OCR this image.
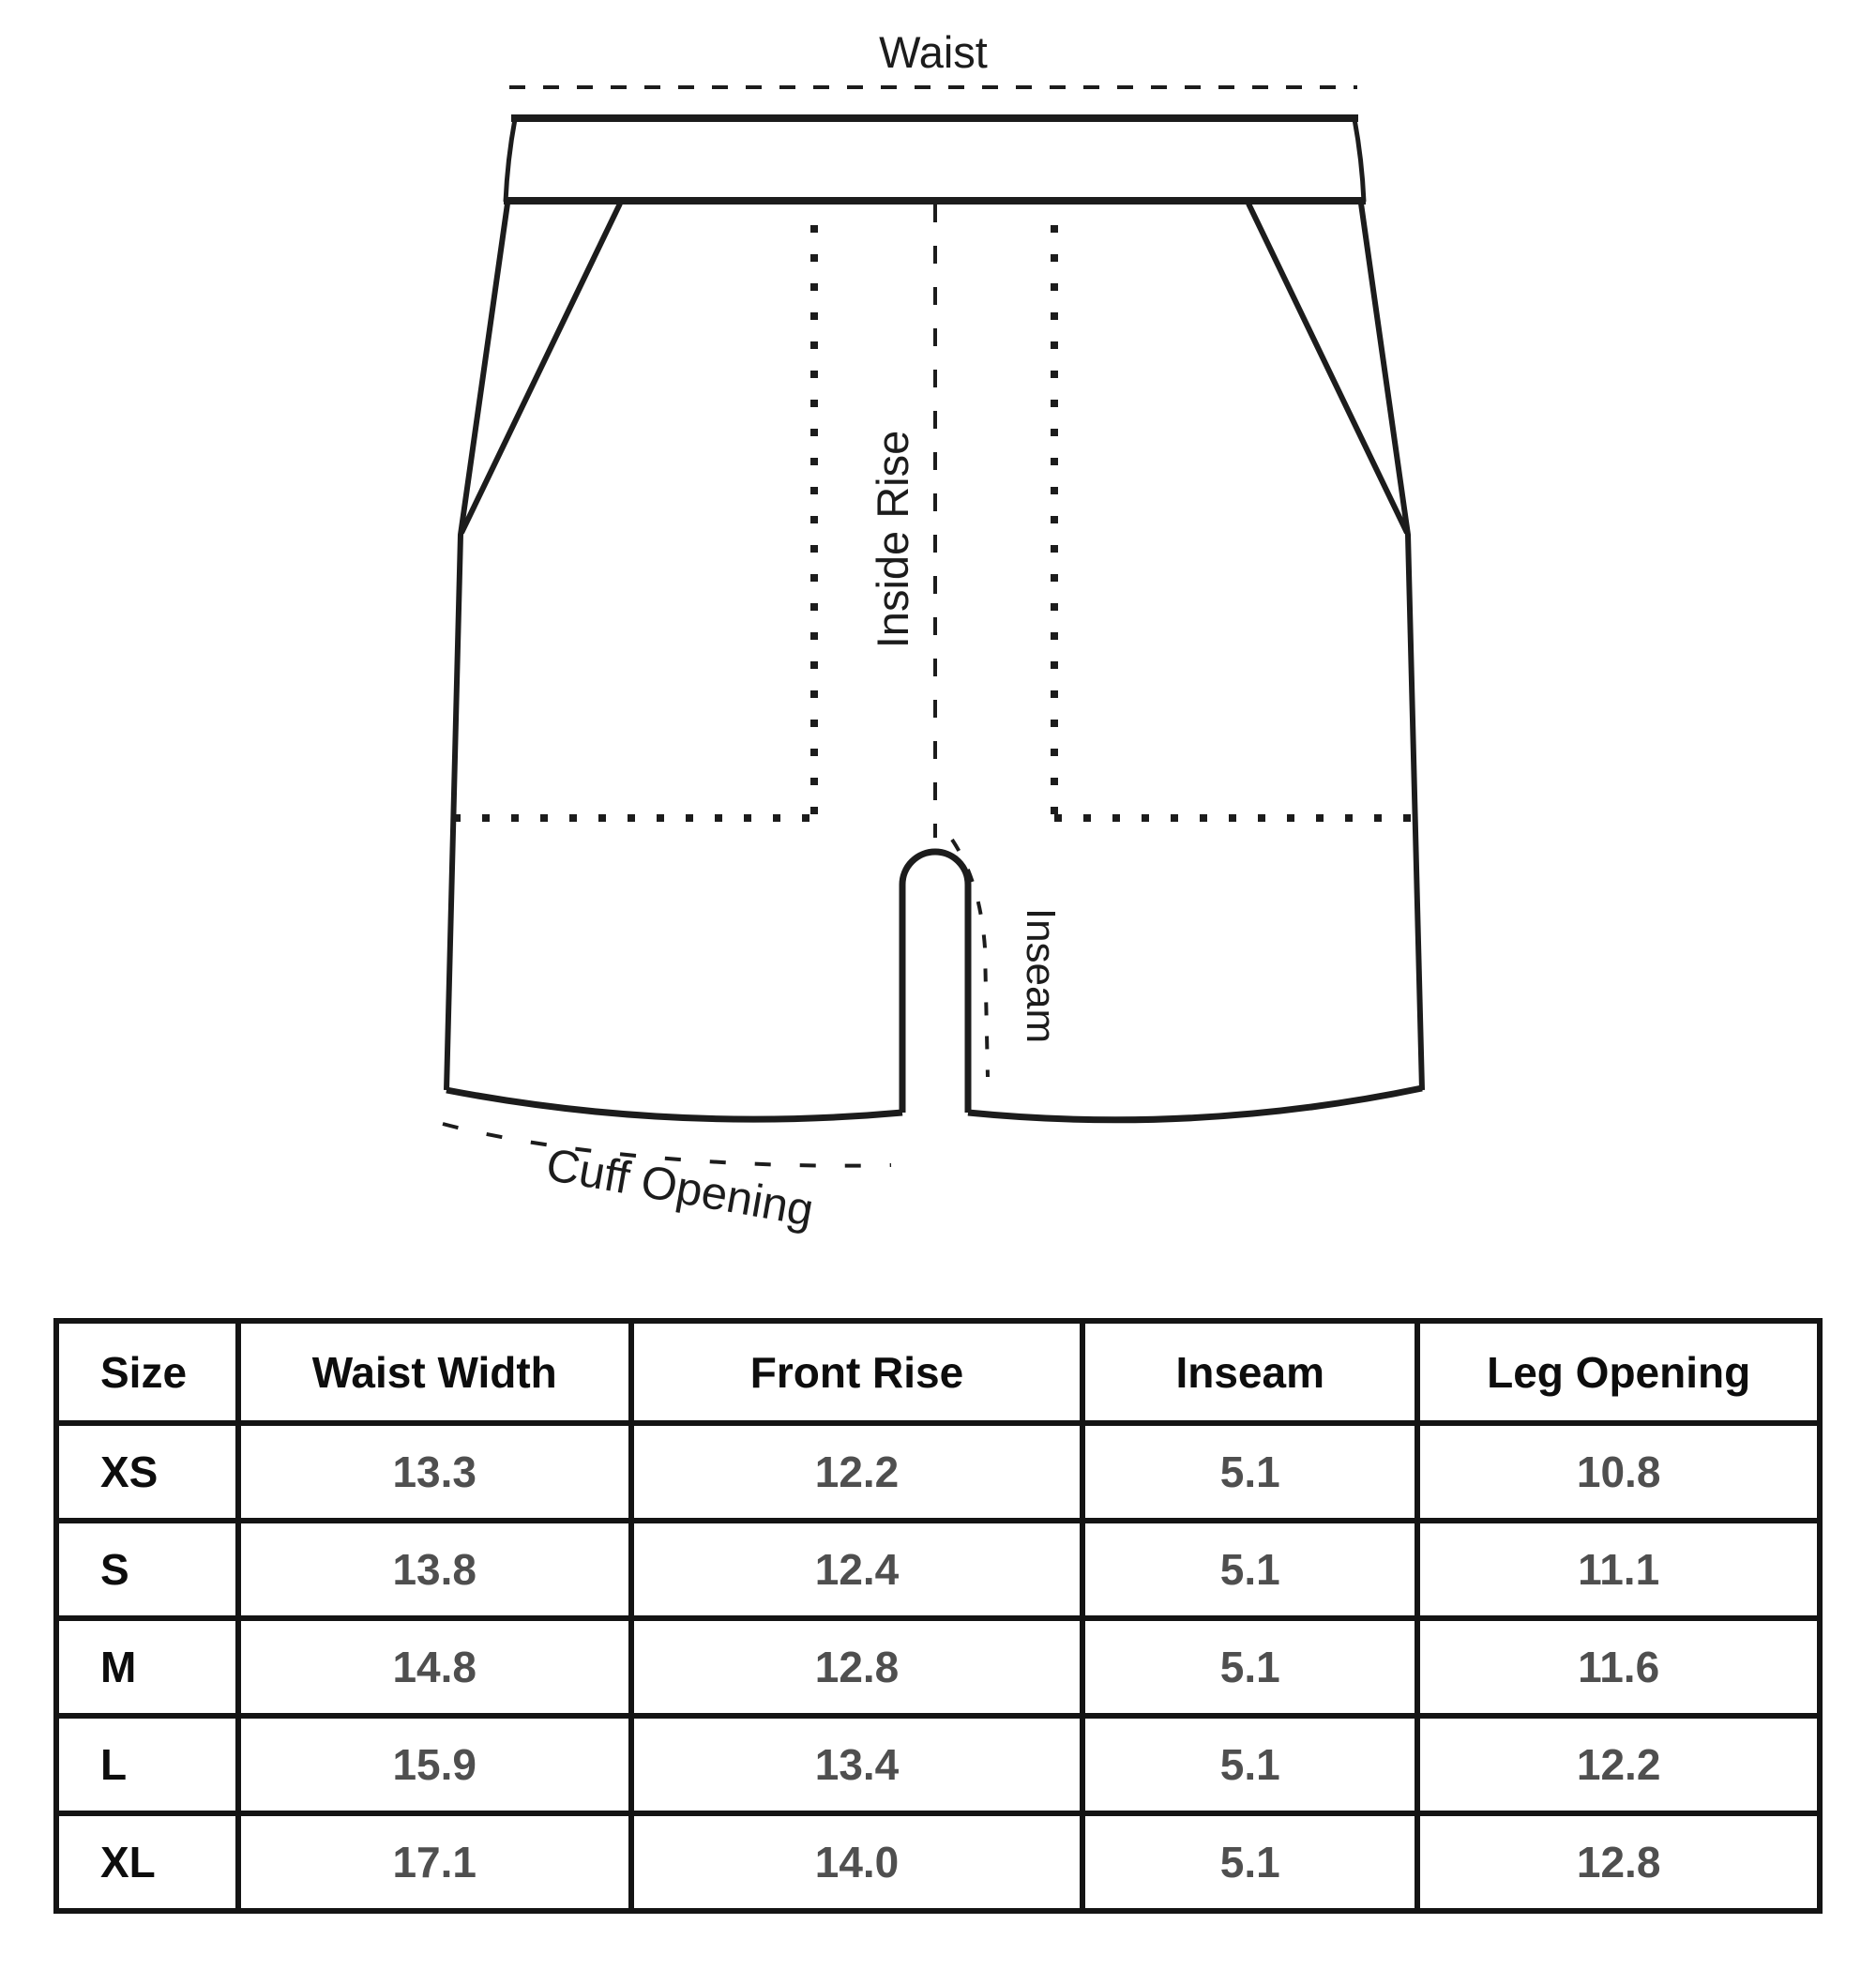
Waist
Inside Rise
Inseam
Cuff Opening
Size	Waist Width	Front Rise	Inseam	Leg Opening
XS	13.3	12.2	5.1	10.8
S	13.8	12.4	5.1	11.1
M	14.8	12.8	5.1	11.6
L	15.9	13.4	5.1	12.2
XL	17.1	14.0	5.1	12.8
